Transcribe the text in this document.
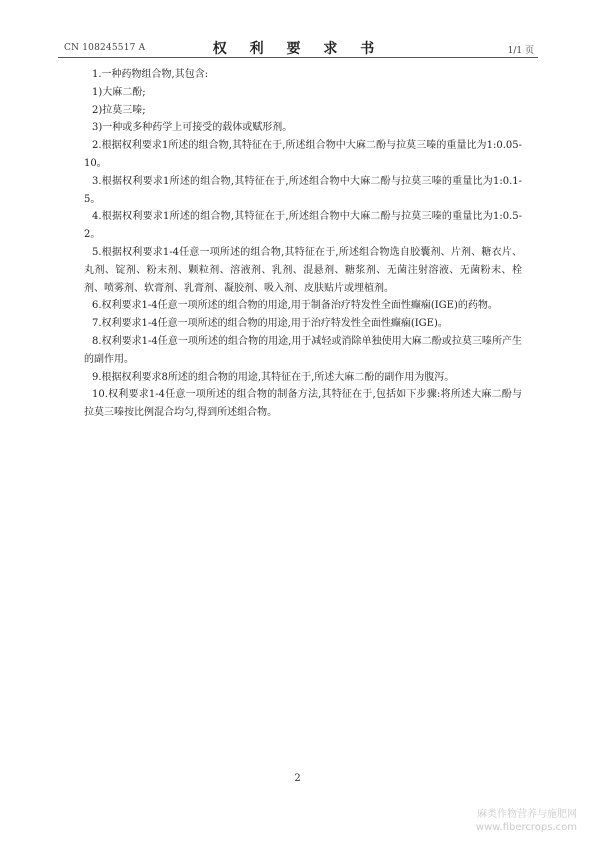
CN 108245517 A	权 利 要 求 书	1/1 页

1.一种药物组合物,其包含:

1)大麻二酚;

2)拉莫三嗪;

3)一种或多种药学上可接受的载体或赋形剂。

2.根据权利要求1所述的组合物,其特征在于,所述组合物中大麻二酚与拉莫三嗪的重量比为1:0.05-10。

3.根据权利要求1所述的组合物,其特征在于,所述组合物中大麻二酚与拉莫三嗪的重量比为1:0.1-5。

4.根据权利要求1所述的组合物,其特征在于,所述组合物中大麻二酚与拉莫三嗪的重量比为1:0.5-2。

5.根据权利要求1-4任意一项所述的组合物,其特征在于,所述组合物选自胶囊剂、片剂、糖衣片、丸剂、锭剂、粉末剂、颗粒剂、溶液剂、乳剂、混悬剂、糖浆剂、无菌注射溶液、无菌粉末、栓剂、喷雾剂、软膏剂、乳膏剂、凝胶剂、吸入剂、皮肤贴片或埋植剂。

6.权利要求1-4任意一项所述的组合物的用途,用于制备治疗特发性全面性癫痫(IGE)的药物。

7.权利要求1-4任意一项所述的组合物的用途,用于治疗特发性全面性癫痫(IGE)。

8.权利要求1-4任意一项所述的组合物的用途,用于减轻或消除单独使用大麻二酚或拉莫三嗪所产生的副作用。

9.根据权利要求8所述的组合物的用途,其特征在于,所述大麻二酚的副作用为腹泻。

10.权利要求1-4任意一项所述的组合物的制备方法,其特征在于,包括如下步骤:将所述大麻二酚与拉莫三嗪按比例混合均匀,得到所述组合物。

2
麻类作物营养与施肥网
www.fibercrops.com
